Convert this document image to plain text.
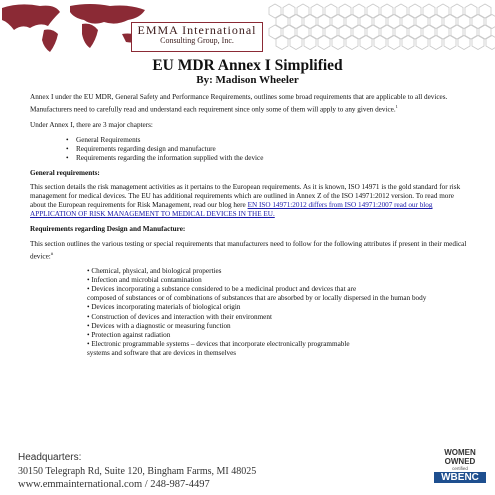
EMMA International
Consulting Group, Inc.
EU MDR Annex I Simplified
By: Madison Wheeler

Annex I under the EU MDR, General Safety and Performance Requirements, outlines some broad requirements that are applicable to all devices. Manufacturers need to carefully read and understand each requirement since only some of them will apply to any given device.$^1$

Under Annex I, there are 3 major chapters:

• General Requirements
• Requirements regarding design and manufacture
• Requirements regarding the information supplied with the device

General requirements:

This section details the risk management activities as it pertains to the European requirements. As it is known, ISO 14971 is the gold standard for risk management for medical devices. The EU has additional requirements which are outlined in Annex Z of the ISO 14971:2012 version. To read more about the European requirements for Risk Management, read our blog here EN ISO 14971:2012 differs from ISO 14971:2007 read our blog APPLICATION OF RISK MANAGEMENT TO MEDICAL DEVICES IN THE EU.

Requirements regarding Design and Manufacture:

This section outlines the various testing or special requirements that manufacturers need to follow for the following attributes if present in their medical device:$^{ii}$

• Chemical, physical, and biological properties
• Infection and microbial contamination
• Devices incorporating a substance considered to be a medicinal product and devices that are
composed of substances or of combinations of substances that are absorbed by or locally dispersed in the human body
• Devices incorporating materials of biological origin
• Construction of devices and interaction with their environment
• Devices with a diagnostic or measuring function
• Protection against radiation
• Electronic programmable systems – devices that incorporate electronically programmable
systems and software that are devices in themselves
Headquarters:
30150 Telegraph Rd, Suite 120, Bingham Farms, MI 48025
www.emmainternational.com / 248-987-4497
WOMEN
OWNED
certified
WBENC
